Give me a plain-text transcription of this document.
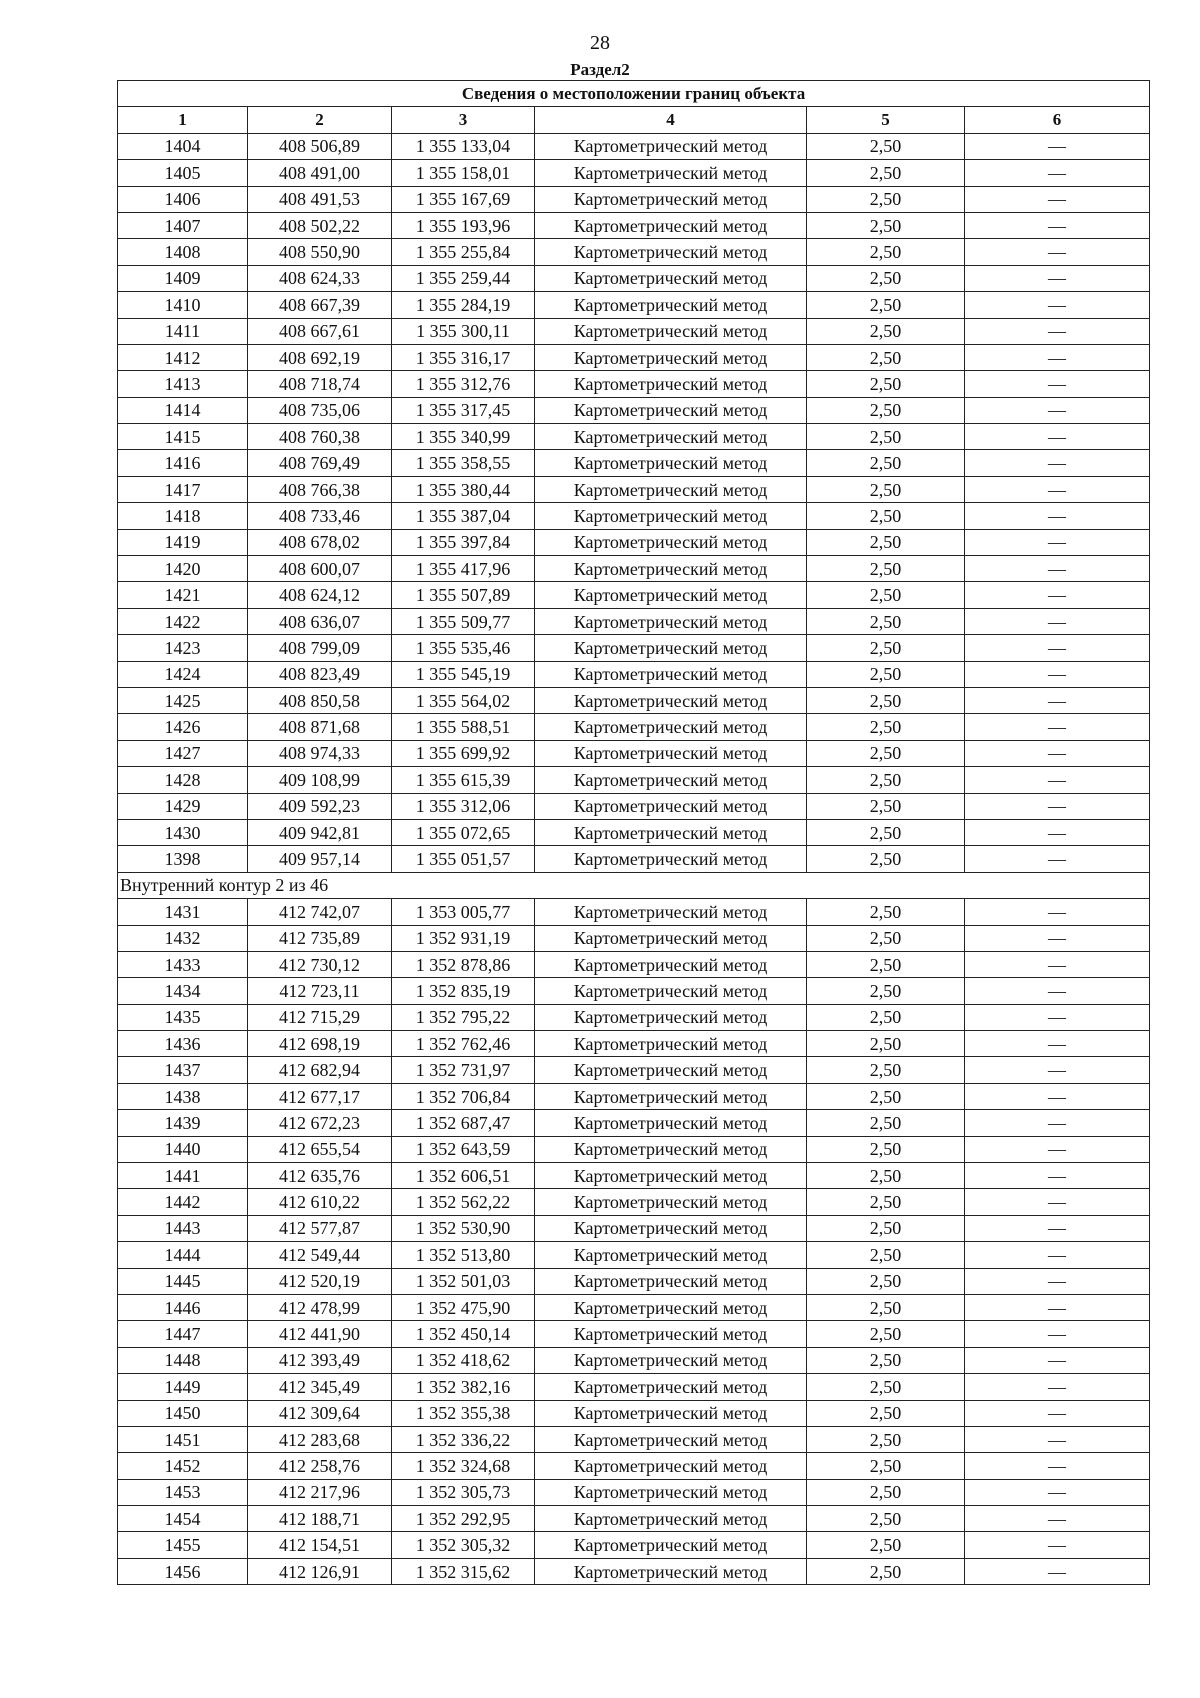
28
Раздел2
Сведения о местоположении границ объекта					
1	2	3	4	5	6
1404	408 506,89	1 355 133,04	Картометрический метод	2,50	—
1405	408 491,00	1 355 158,01	Картометрический метод	2,50	—
1406	408 491,53	1 355 167,69	Картометрический метод	2,50	—
1407	408 502,22	1 355 193,96	Картометрический метод	2,50	—
1408	408 550,90	1 355 255,84	Картометрический метод	2,50	—
1409	408 624,33	1 355 259,44	Картометрический метод	2,50	—
1410	408 667,39	1 355 284,19	Картометрический метод	2,50	—
1411	408 667,61	1 355 300,11	Картометрический метод	2,50	—
1412	408 692,19	1 355 316,17	Картометрический метод	2,50	—
1413	408 718,74	1 355 312,76	Картометрический метод	2,50	—
1414	408 735,06	1 355 317,45	Картометрический метод	2,50	—
1415	408 760,38	1 355 340,99	Картометрический метод	2,50	—
1416	408 769,49	1 355 358,55	Картометрический метод	2,50	—
1417	408 766,38	1 355 380,44	Картометрический метод	2,50	—
1418	408 733,46	1 355 387,04	Картометрический метод	2,50	—
1419	408 678,02	1 355 397,84	Картометрический метод	2,50	—
1420	408 600,07	1 355 417,96	Картометрический метод	2,50	—
1421	408 624,12	1 355 507,89	Картометрический метод	2,50	—
1422	408 636,07	1 355 509,77	Картометрический метод	2,50	—
1423	408 799,09	1 355 535,46	Картометрический метод	2,50	—
1424	408 823,49	1 355 545,19	Картометрический метод	2,50	—
1425	408 850,58	1 355 564,02	Картометрический метод	2,50	—
1426	408 871,68	1 355 588,51	Картометрический метод	2,50	—
1427	408 974,33	1 355 699,92	Картометрический метод	2,50	—
1428	409 108,99	1 355 615,39	Картометрический метод	2,50	—
1429	409 592,23	1 355 312,06	Картометрический метод	2,50	—
1430	409 942,81	1 355 072,65	Картометрический метод	2,50	—
1398	409 957,14	1 355 051,57	Картометрический метод	2,50	—
Внутренний контур 2 из 46					
1431	412 742,07	1 353 005,77	Картометрический метод	2,50	—
1432	412 735,89	1 352 931,19	Картометрический метод	2,50	—
1433	412 730,12	1 352 878,86	Картометрический метод	2,50	—
1434	412 723,11	1 352 835,19	Картометрический метод	2,50	—
1435	412 715,29	1 352 795,22	Картометрический метод	2,50	—
1436	412 698,19	1 352 762,46	Картометрический метод	2,50	—
1437	412 682,94	1 352 731,97	Картометрический метод	2,50	—
1438	412 677,17	1 352 706,84	Картометрический метод	2,50	—
1439	412 672,23	1 352 687,47	Картометрический метод	2,50	—
1440	412 655,54	1 352 643,59	Картометрический метод	2,50	—
1441	412 635,76	1 352 606,51	Картометрический метод	2,50	—
1442	412 610,22	1 352 562,22	Картометрический метод	2,50	—
1443	412 577,87	1 352 530,90	Картометрический метод	2,50	—
1444	412 549,44	1 352 513,80	Картометрический метод	2,50	—
1445	412 520,19	1 352 501,03	Картометрический метод	2,50	—
1446	412 478,99	1 352 475,90	Картометрический метод	2,50	—
1447	412 441,90	1 352 450,14	Картометрический метод	2,50	—
1448	412 393,49	1 352 418,62	Картометрический метод	2,50	—
1449	412 345,49	1 352 382,16	Картометрический метод	2,50	—
1450	412 309,64	1 352 355,38	Картометрический метод	2,50	—
1451	412 283,68	1 352 336,22	Картометрический метод	2,50	—
1452	412 258,76	1 352 324,68	Картометрический метод	2,50	—
1453	412 217,96	1 352 305,73	Картометрический метод	2,50	—
1454	412 188,71	1 352 292,95	Картометрический метод	2,50	—
1455	412 154,51	1 352 305,32	Картометрический метод	2,50	—
1456	412 126,91	1 352 315,62	Картометрический метод	2,50	—
